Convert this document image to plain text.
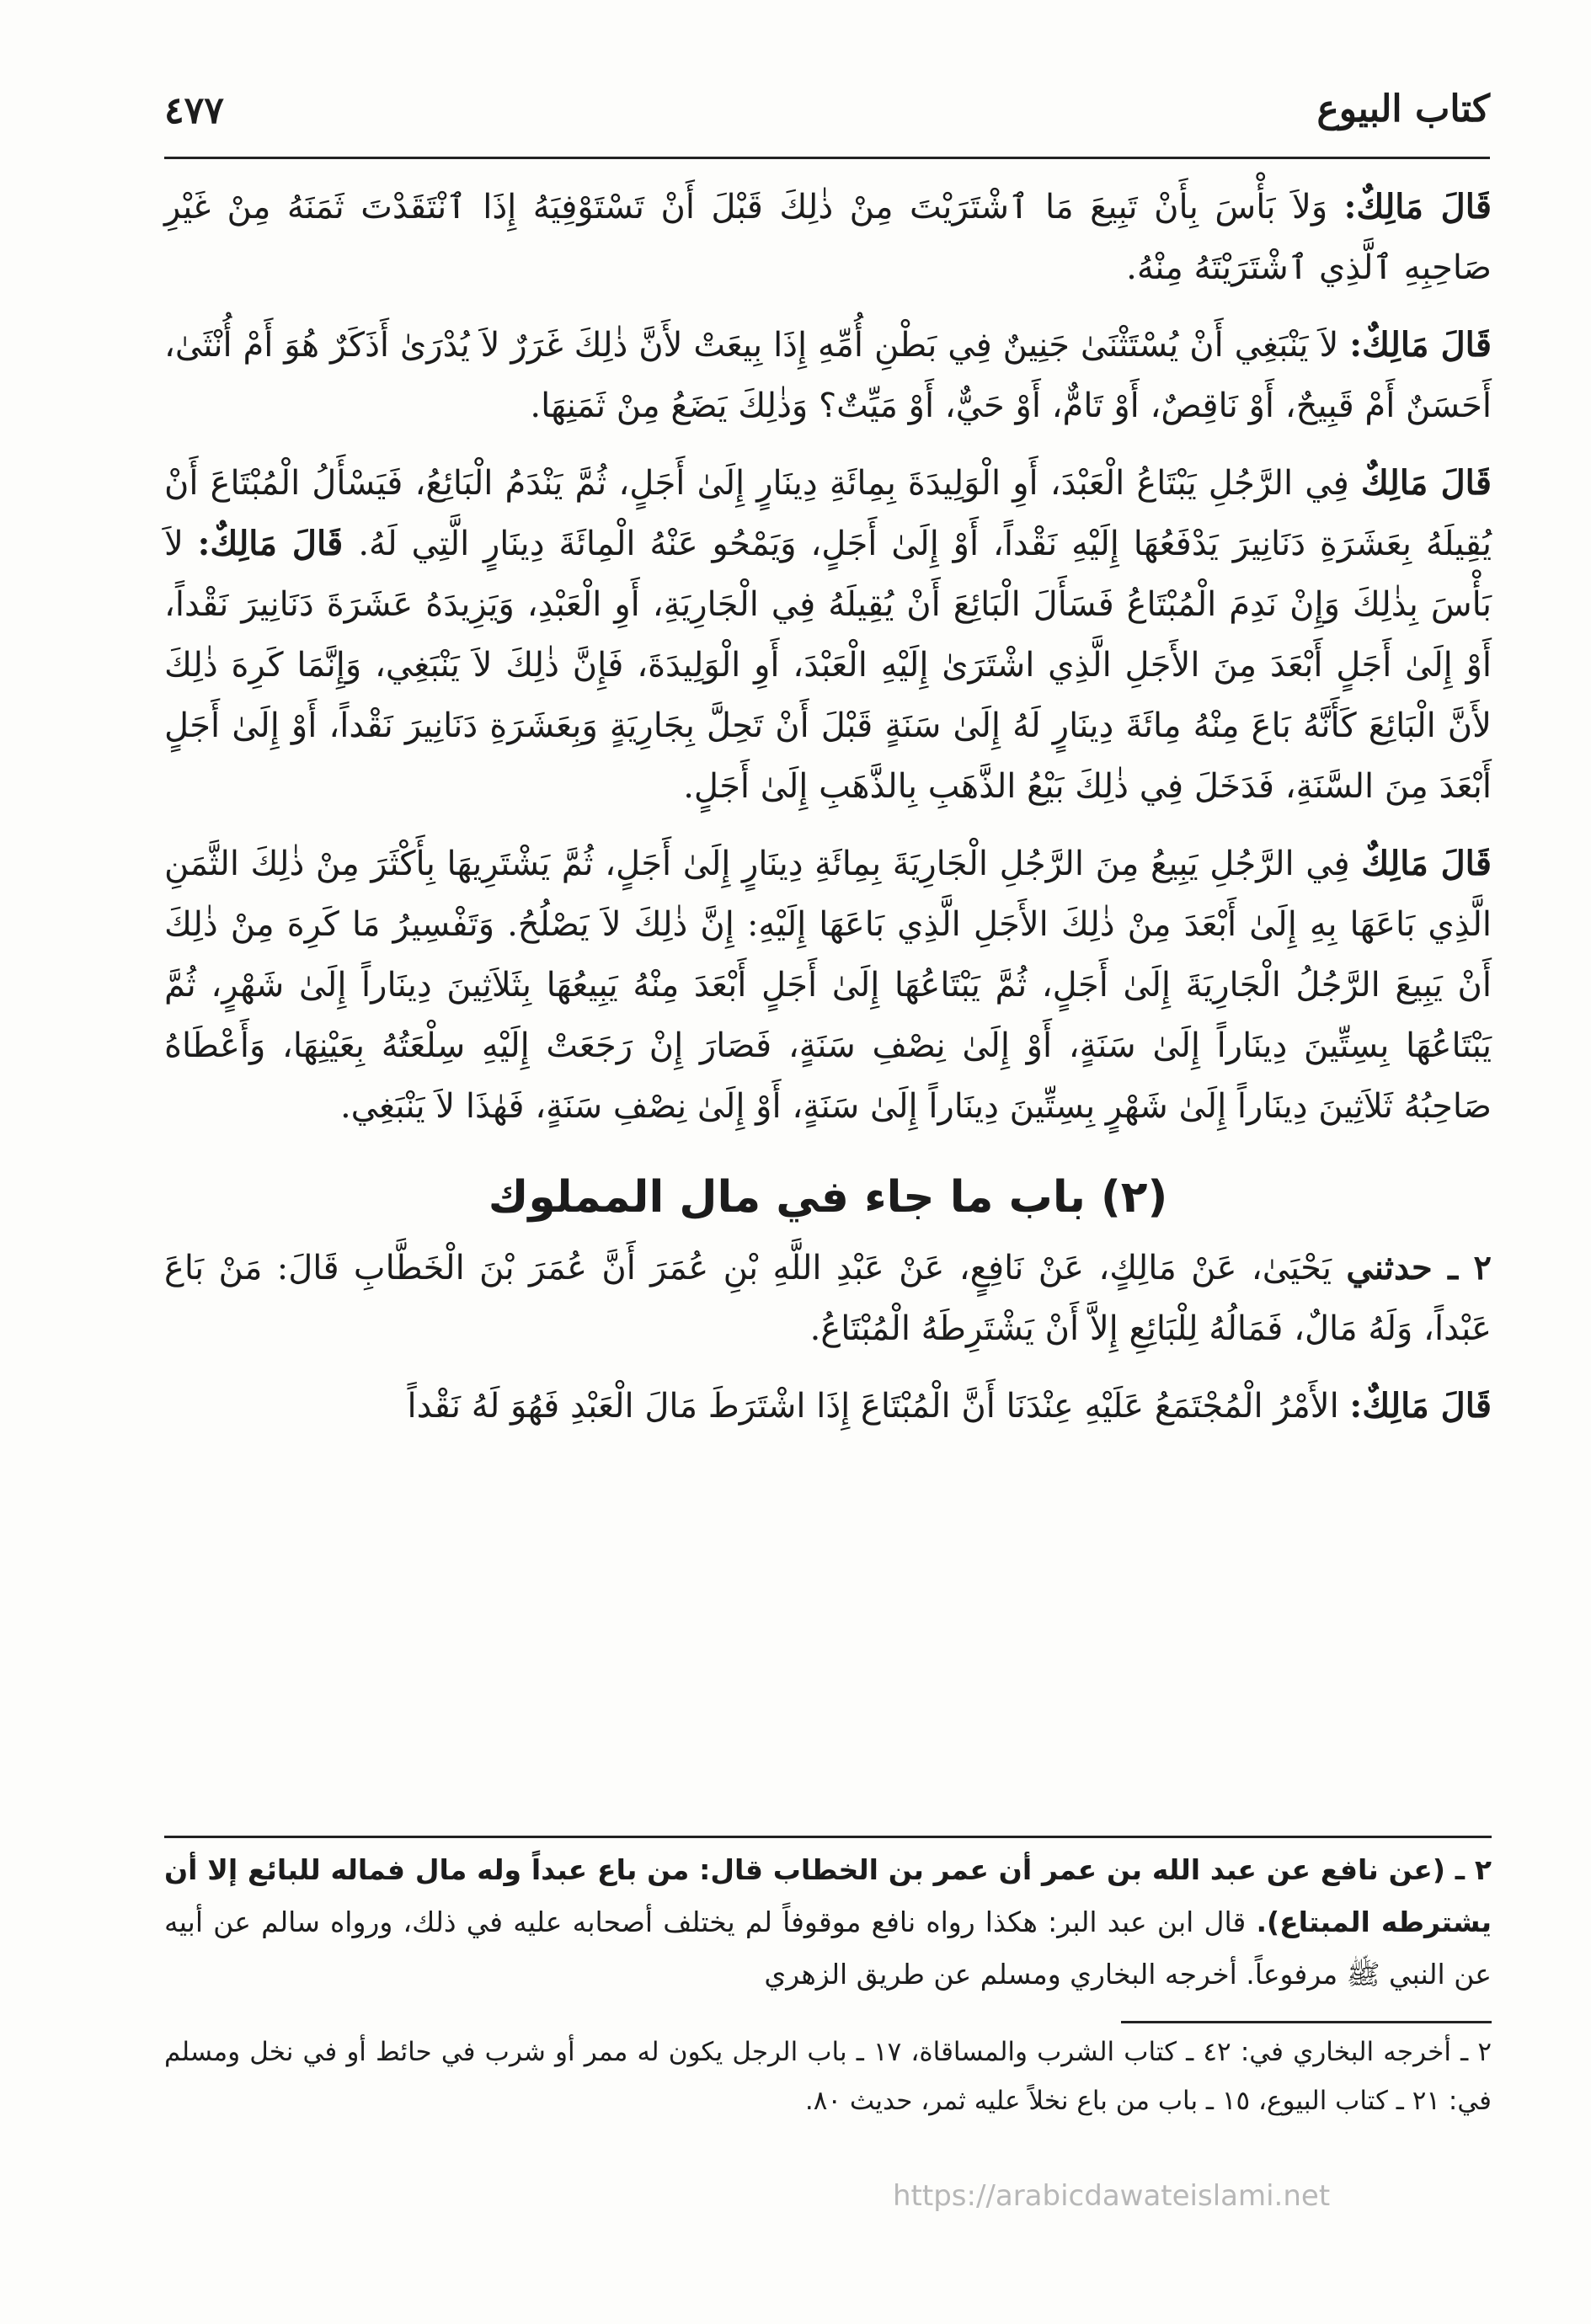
كتاب البيوع
٤٧٧

قَالَ مَالِكٌ: وَلاَ بَأْسَ بِأَنْ تَبِيعَ مَا ٱشْتَرَيْتَ مِنْ ذٰلِكَ قَبْلَ أَنْ تَسْتَوْفِيَهُ إِذَا ٱنْتَقَدْتَ ثَمَنَهُ مِنْ غَيْرِ صَاحِبِهِ ٱلَّذِي ٱشْتَرَيْتَهُ مِنْهُ.

قَالَ مَالِكٌ: لاَ يَنْبَغِي أَنْ يُسْتَثْنَىٰ جَنِينٌ فِي بَطْنِ أُمِّهِ إِذَا بِيعَتْ لأَنَّ ذٰلِكَ غَرَرٌ لاَ يُدْرَىٰ أَذَكَرٌ هُوَ أَمْ أُنْثَىٰ، أَحَسَنٌ أَمْ قَبِيحٌ، أَوْ نَاقِصٌ، أَوْ تَامٌّ، أَوْ حَيٌّ، أَوْ مَيِّتٌ؟ وَذٰلِكَ يَضَعُ مِنْ ثَمَنِهَا.

قَالَ مَالِكٌ فِي الرَّجُلِ يَبْتَاعُ الْعَبْدَ، أَوِ الْوَلِيدَةَ بِمِائَةِ دِينَارٍ إِلَىٰ أَجَلٍ، ثُمَّ يَنْدَمُ الْبَائِعُ، فَيَسْأَلُ الْمُبْتَاعَ أَنْ يُقِيلَهُ بِعَشَرَةِ دَنَانِيرَ يَدْفَعُهَا إِلَيْهِ نَقْداً، أَوْ إِلَىٰ أَجَلٍ، وَيَمْحُو عَنْهُ الْمِائَةَ دِينَارٍ الَّتِي لَهُ. قَالَ مَالِكٌ: لاَ بَأْسَ بِذٰلِكَ وَإِنْ نَدِمَ الْمُبْتَاعُ فَسَأَلَ الْبَائِعَ أَنْ يُقِيلَهُ فِي الْجَارِيَةِ، أَوِ الْعَبْدِ، وَيَزِيدَهُ عَشَرَةَ دَنَانِيرَ نَقْداً، أَوْ إِلَىٰ أَجَلٍ أَبْعَدَ مِنَ الأَجَلِ الَّذِي اشْتَرَىٰ إِلَيْهِ الْعَبْدَ، أَوِ الْوَلِيدَةَ، فَإِنَّ ذٰلِكَ لاَ يَنْبَغِي، وَإِنَّمَا كَرِهَ ذٰلِكَ لأَنَّ الْبَائِعَ كَأَنَّهُ بَاعَ مِنْهُ مِائَةَ دِينَارٍ لَهُ إِلَىٰ سَنَةٍ قَبْلَ أَنْ تَحِلَّ بِجَارِيَةٍ وَبِعَشَرَةِ دَنَانِيرَ نَقْداً، أَوْ إِلَىٰ أَجَلٍ أَبْعَدَ مِنَ السَّنَةِ، فَدَخَلَ فِي ذٰلِكَ بَيْعُ الذَّهَبِ بِالذَّهَبِ إِلَىٰ أَجَلٍ.

قَالَ مَالِكٌ فِي الرَّجُلِ يَبِيعُ مِنَ الرَّجُلِ الْجَارِيَةَ بِمِائَةِ دِينَارٍ إِلَىٰ أَجَلٍ، ثُمَّ يَشْتَرِيهَا بِأَكْثَرَ مِنْ ذٰلِكَ الثَّمَنِ الَّذِي بَاعَهَا بِهِ إِلَىٰ أَبْعَدَ مِنْ ذٰلِكَ الأَجَلِ الَّذِي بَاعَهَا إِلَيْهِ: إِنَّ ذٰلِكَ لاَ يَصْلُحُ. وَتَفْسِيرُ مَا كَرِهَ مِنْ ذٰلِكَ أَنْ يَبِيعَ الرَّجُلُ الْجَارِيَةَ إِلَىٰ أَجَلٍ، ثُمَّ يَبْتَاعُهَا إِلَىٰ أَجَلٍ أَبْعَدَ مِنْهُ يَبِيعُهَا بِثَلاَثِينَ دِينَاراً إِلَىٰ شَهْرٍ، ثُمَّ يَبْتَاعُهَا بِسِتِّينَ دِينَاراً إِلَىٰ سَنَةٍ، أَوْ إِلَىٰ نِصْفِ سَنَةٍ، فَصَارَ إِنْ رَجَعَتْ إِلَيْهِ سِلْعَتُهُ بِعَيْنِهَا، وَأَعْطَاهُ صَاحِبُهُ ثَلاَثِينَ دِينَاراً إِلَىٰ شَهْرٍ بِسِتِّينَ دِينَاراً إِلَىٰ سَنَةٍ، أَوْ إِلَىٰ نِصْفِ سَنَةٍ، فَهٰذَا لاَ يَنْبَغِي.

(٢) باب ما جاء في مال المملوك

٢ ـ حدثني يَحْيَىٰ، عَنْ مَالِكٍ، عَنْ نَافِعٍ، عَنْ عَبْدِ اللَّهِ بْنِ عُمَرَ أَنَّ عُمَرَ بْنَ الْخَطَّابِ قَالَ: مَنْ بَاعَ عَبْداً، وَلَهُ مَالٌ، فَمَالُهُ لِلْبَائِعِ إِلاَّ أَنْ يَشْتَرِطَهُ الْمُبْتَاعُ.

قَالَ مَالِكٌ: الأَمْرُ الْمُجْتَمَعُ عَلَيْهِ عِنْدَنَا أَنَّ الْمُبْتَاعَ إِذَا اشْتَرَطَ مَالَ الْعَبْدِ فَهُوَ لَهُ نَقْداً

٢ ـ (عن نافع عن عبد الله بن عمر أن عمر بن الخطاب قال: من باع عبداً وله مال فماله للبائع إلا أن يشترطه المبتاع). قال ابن عبد البر: هكذا رواه نافع موقوفاً لم يختلف أصحابه عليه في ذلك، ورواه سالم عن أبيه عن النبي ﷺ مرفوعاً. أخرجه البخاري ومسلم عن طريق الزهري

٢ ـ أخرجه البخاري في: ٤٢ ـ كتاب الشرب والمساقاة، ١٧ ـ باب الرجل يكون له ممر أو شرب في حائط أو في نخل ومسلم في: ٢١ ـ كتاب البيوع، ١٥ ـ باب من باع نخلاً عليه ثمر، حديث ٨٠.

https://arabicdawateislami.net
